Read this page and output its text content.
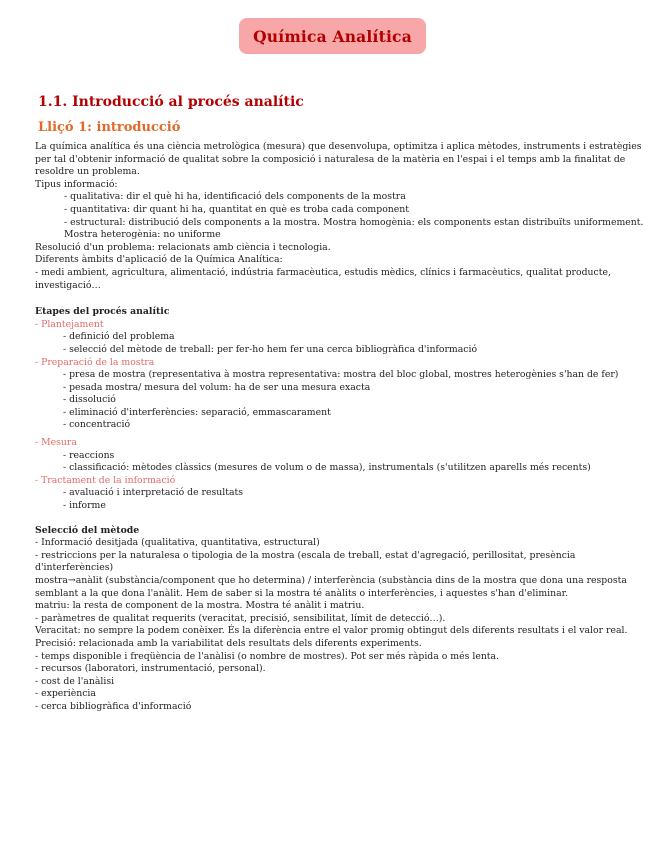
Química Analítica
1.1. Introducció al procés analític
Lliçó 1: introducció

La química analítica és una ciència metrològica (mesura) que desenvolupa, optimitza i aplica mètodes, instruments i estratègies per tal d'obtenir informació de qualitat sobre la composició i naturalesa de la matèria en l'espai i el temps amb la finalitat de resoldre un problema.

Tipus informació:

- qualitativa: dir el què hi ha, identificació dels components de la mostra

- quantitativa: dir quant hi ha, quantitat en què es troba cada component

- estructural: distribució dels components a la mostra. Mostra homogènia: els components estan distribuïts uniformement. Mostra heterogènia: no uniforme

Resolució d'un problema: relacionats amb ciència i tecnologia.

Diferents àmbits d'aplicació de la Química Analítica:

- medi ambient, agricultura, alimentació, indústria farmacèutica, estudis mèdics, clínics i farmacèutics, qualitat producte, investigació…

Etapes del procés analític

- Plantejament

- definició del problema

- selecció del mètode de treball: per fer-ho hem fer una cerca bibliogràfica d'informació

- Preparació de la mostra

- presa de mostra (representativa à mostra representativa: mostra del bloc global, mostres heterogènies s'han de fer)

- pesada mostra/ mesura del volum: ha de ser una mesura exacta

- dissolució

- eliminació d'interferències: separació, emmascarament

- concentració

- Mesura

- reaccions

- classificació: mètodes clàssics (mesures de volum o de massa), instrumentals (s'utilitzen aparells més recents)

- Tractament de la informació

- avaluació i interpretació de resultats

- informe

Selecció del mètode

- Informació desitjada (qualitativa, quantitativa, estructural)

- restriccions per la naturalesa o tipologia de la mostra (escala de treball, estat d'agregació, perillositat, presència d'interferències)

mostra→anàlit (substància/component que ho determina) / interferència (substància dins de la mostra que dona una resposta semblant a la que dona l'anàlit. Hem de saber si la mostra té anàlits o interferències, i aquestes s'han d'eliminar.

matriu: la resta de component de la mostra. Mostra té anàlit i matriu.

- paràmetres de qualitat requerits (veracitat, precisió, sensibilitat, límit de detecció…).

Veracitat: no sempre la podem conèixer. És la diferència entre el valor promig obtingut dels diferents resultats i el valor real.

Precisió: relacionada amb la variabilitat dels resultats dels diferents experiments.

- temps disponible i freqüència de l'anàlisi (o nombre de mostres). Pot ser més ràpida o més lenta.

- recursos (laboratori, instrumentació, personal).

- cost de l'anàlisi

- experiència

- cerca bibliogràfica d'informació
